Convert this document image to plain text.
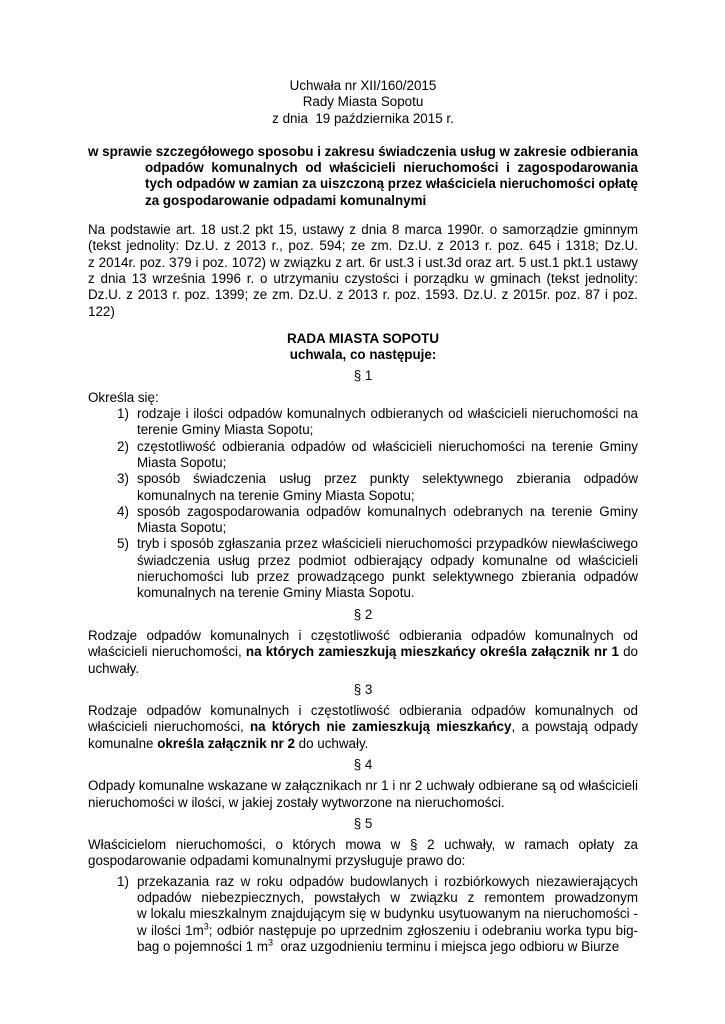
Uchwała nr XII/160/2015
Rady Miasta Sopotu
z dnia  19 października 2015 r.
w sprawie szczegółowego sposobu i zakresu świadczenia usług w zakresie odbierania odpadów komunalnych od właścicieli nieruchomości i zagospodarowania tych odpadów w zamian za uiszczoną przez właściciela nieruchomości opłatę za gospodarowanie odpadami komunalnymi
Na podstawie art. 18 ust.2 pkt 15, ustawy z dnia 8 marca 1990r. o samorządzie gminnym (tekst jednolity: Dz.U. z 2013 r., poz. 594; ze zm. Dz.U. z 2013 r. poz. 645 i 1318; Dz.U. z 2014r. poz. 379 i poz. 1072) w związku z art. 6r ust.3 i ust.3d oraz art. 5 ust.1 pkt.1 ustawy z dnia 13 września 1996 r. o utrzymaniu czystości i porządku w gminach (tekst jednolity: Dz.U. z 2013 r. poz. 1399; ze zm. Dz.U. z 2013 r. poz. 1593. Dz.U. z 2015r. poz. 87 i poz. 122)
RADA MIASTA SOPOTU
uchwala, co następuje:
§ 1
Określa się:
1) rodzaje i ilości odpadów komunalnych odbieranych od właścicieli nieruchomości na terenie Gminy Miasta Sopotu;
2) częstotliwość odbierania odpadów od właścicieli nieruchomości na terenie Gminy Miasta Sopotu;
3) sposób świadczenia usług przez punkty selektywnego zbierania odpadów komunalnych na terenie Gminy Miasta Sopotu;
4) sposób zagospodarowania odpadów komunalnych odebranych na terenie Gminy Miasta Sopotu;
5) tryb i sposób zgłaszania przez właścicieli nieruchomości przypadków niewłaściwego świadczenia usług przez podmiot odbierający odpady komunalne od właścicieli nieruchomości lub przez prowadzącego punkt selektywnego zbierania odpadów komunalnych na terenie Gminy Miasta Sopotu.
§ 2
Rodzaje odpadów komunalnych i częstotliwość odbierania odpadów komunalnych od właścicieli nieruchomości, na których zamieszkują mieszkańcy określa załącznik nr 1 do uchwały.
§ 3
Rodzaje odpadów komunalnych i częstotliwość odbierania odpadów komunalnych od właścicieli nieruchomości, na których nie zamieszkują mieszkańcy, a powstają odpady komunalne określa załącznik nr 2 do uchwały.
§ 4
Odpady komunalne wskazane w załącznikach nr 1 i nr 2 uchwały odbierane są od właścicieli nieruchomości w ilości, w jakiej zostały wytworzone na nieruchomości.
§ 5
Właścicielom nieruchomości, o których mowa w § 2 uchwały, w ramach opłaty za gospodarowanie odpadami komunalnymi przysługuje prawo do:
1) przekazania raz w roku odpadów budowlanych i rozbiórkowych niezawierających odpadów niebezpiecznych, powstałych w związku z remontem prowadzonym w lokalu mieszkalnym znajdującym się w budynku usytuowanym na nieruchomości - w ilości $1m^3$; odbiór następuje po uprzednim zgłoszeniu i odebraniu worka typu big-bag o pojemności 1 $m^3$  oraz uzgodnieniu terminu i miejsca jego odbioru w Biurze
